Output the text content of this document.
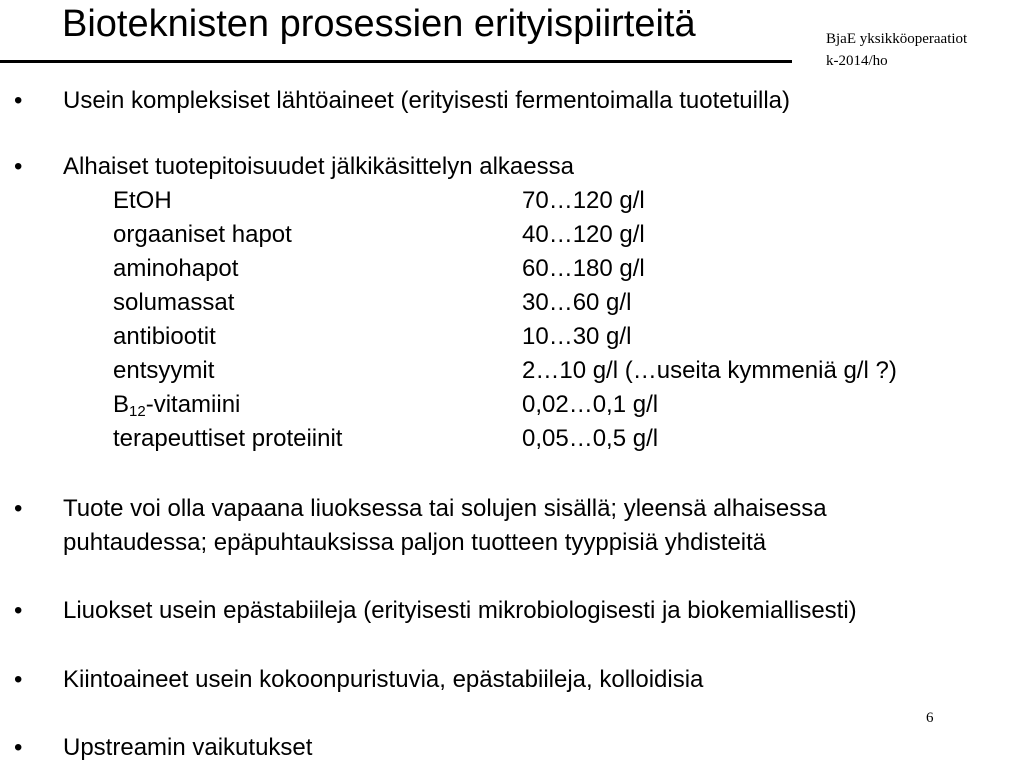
Bioteknisten prosessien erityispiirteitä	BjaE yksikköoperaatiot
k-2014/ho
• Usein kompleksiset lähtöaineet (erityisesti fermentoimalla tuotetuilla)
• Alhaiset tuotepitoisuudet jälkikäsittelyn alkaessa
EtOH	70…120 g/l
orgaaniset hapot	40…120 g/l
aminohapot	60…180 g/l
solumassat	30…60 g/l
antibiootit	10…30 g/l
entsyymit	2…10 g/l (…useita kymmeniä g/l ?)
$B_{12}$-vitamiini	0,02…0,1 g/l
terapeuttiset proteiinit	0,05…0,5 g/l
• Tuote voi olla vapaana liuoksessa tai solujen sisällä; yleensä alhaisessa
puhtaudessa; epäpuhtauksissa paljon tuotteen tyyppisiä yhdisteitä
• Liuokset usein epästabiileja (erityisesti mikrobiologisesti ja biokemiallisesti)
• Kiintoaineet usein kokoonpuristuvia, epästabiileja, kolloidisia
• Upstreamin vaikutukset
6
